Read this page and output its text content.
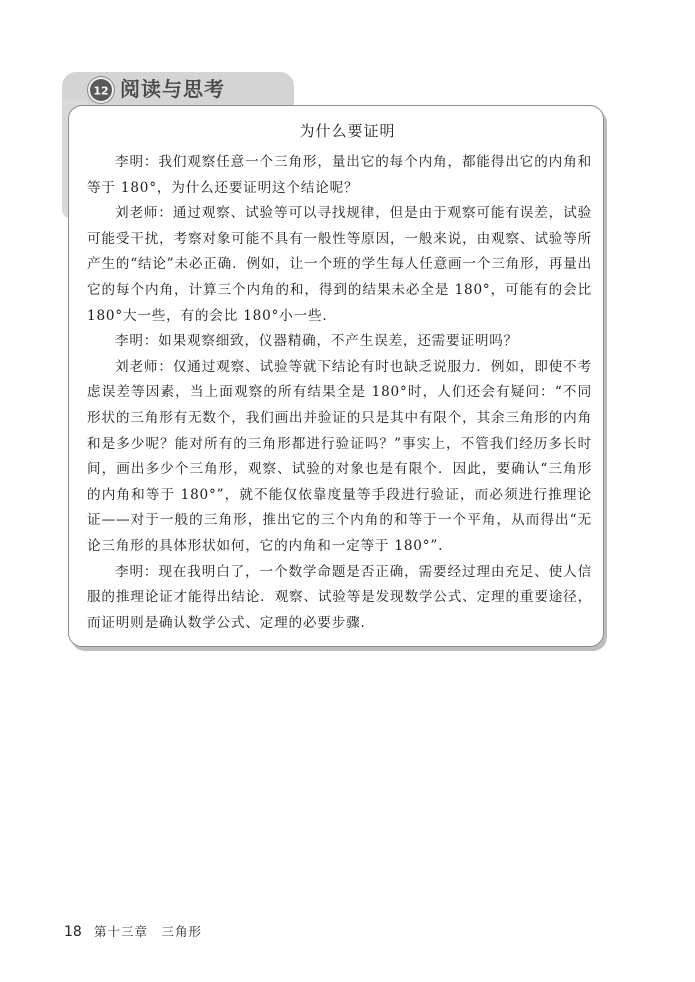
12 阅读与思考
为什么要证明

李明：我们观察任意一个三角形，量出它的每个内角，都能得出它的内角和等于 180°，为什么还要证明这个结论呢？

刘老师：通过观察、试验等可以寻找规律，但是由于观察可能有误差，试验可能受干扰，考察对象可能不具有一般性等原因，一般来说，由观察、试验等所产生的“结论”未必正确．例如，让一个班的学生每人任意画一个三角形，再量出它的每个内角，计算三个内角的和，得到的结果未必全是 180°，可能有的会比 180°大一些，有的会比 180°小一些.

李明：如果观察细致，仪器精确，不产生误差，还需要证明吗？

刘老师：仅通过观察、试验等就下结论有时也缺乏说服力．例如，即使不考虑误差等因素，当上面观察的所有结果全是 180°时，人们还会有疑问：“不同形状的三角形有无数个，我们画出并验证的只是其中有限个，其余三角形的内角和是多少呢？能对所有的三角形都进行验证吗？”事实上，不管我们经历多长时间，画出多少个三角形，观察、试验的对象也是有限个．因此，要确认“三角形的内角和等于 180°”，就不能仅依靠度量等手段进行验证，而必须进行推理论证——对于一般的三角形，推出它的三个内角的和等于一个平角，从而得出“无论三角形的具体形状如何，它的内角和一定等于 180°”.

李明：现在我明白了，一个数学命题是否正确，需要经过理由充足、使人信服的推理论证才能得出结论．观察、试验等是发现数学公式、定理的重要途径，而证明则是确认数学公式、定理的必要步骤.

18 第十三章　三角形
